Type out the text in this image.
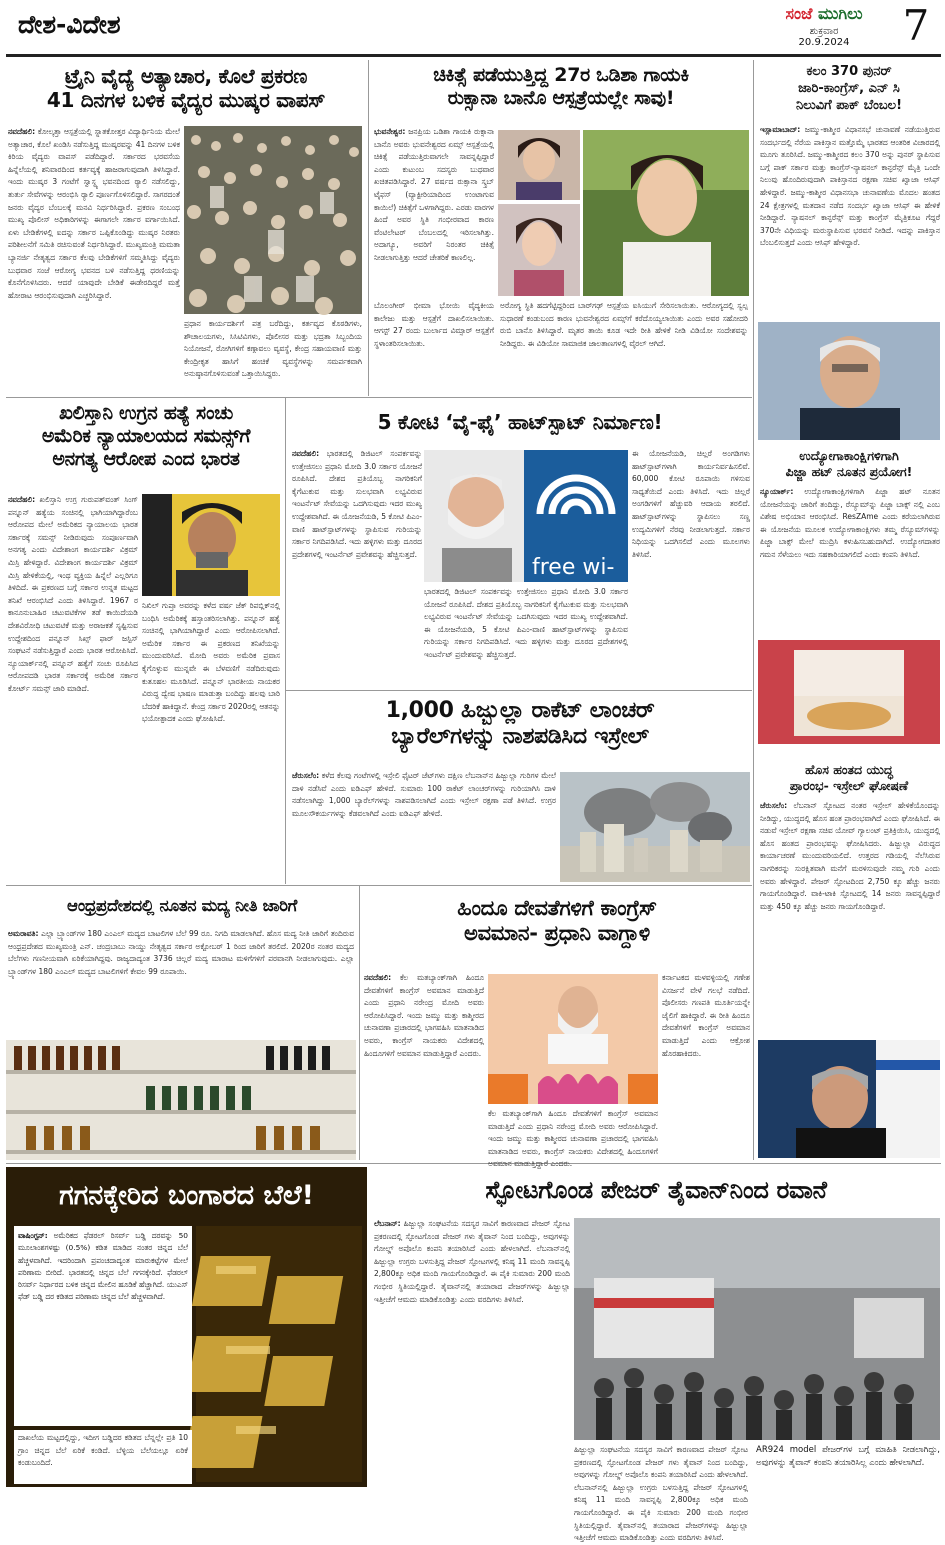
ದೇಶ-ವಿದೇಶ	ಸಂಜೆ ಮುಗಿಲು
ಶುಕ್ರವಾರ
20.9.2024	7
ಟ್ರೈನಿ ವೈದ್ಯೆ ಅತ್ಯಾಚಾರ, ಕೊಲೆ ಪ್ರಕರಣ
41 ದಿನಗಳ ಬಳಿಕ ವೈದ್ಯರ ಮುಷ್ಕರ ವಾಪಸ್
ನವದೆಹಲಿ: ಕೋಲ್ಕತ್ತಾ ಆಸ್ಪತ್ರೆಯಲ್ಲಿ ಸ್ನಾತಕೋತ್ತರ ವಿದ್ಯಾರ್ಥಿನಿಯ ಮೇಲೆ ಅತ್ಯಾಚಾರ, ಕೊಲೆ ಖಂಡಿಸಿ ನಡೆಸುತ್ತಿದ್ದ ಮುಷ್ಕರವನ್ನು 41 ದಿನಗಳ ಬಳಿಕ ಕಿರಿಯ ವೈದ್ಯರು ವಾಪಸ್ ಪಡೆದಿದ್ದಾರೆ. ಸರ್ಕಾರದ ಭರವಸೆಯ ಹಿನ್ನೆಲೆಯಲ್ಲಿ ಶನಿವಾರದಿಂದ ಕರ್ತವ್ಯಕ್ಕೆ ಹಾಜರಾಗುವುದಾಗಿ ತಿಳಿಸಿದ್ದಾರೆ. ಇಂದು ಮುಷ್ಕರ 3 ಗಂಟೆಗೆ ಸ್ವಾಸ್ಥ್ಯ ಭವನದಿಂದ ರ‍್ಯಾಲಿ ನಡೆಸಲಿದ್ದು, ತುರ್ತು ಸೇವೆಗಳನ್ನು ಆರಂಭಿಸಿ ರ‍್ಯಾಲಿ ಪೂರ್ಣಗೊಳಿಸಲಿದ್ದಾರೆ. ಸಾಗರದಂತೆ ಜನರು ವೈದ್ಯರ ಬೆಂಬಲಕ್ಕೆ ಮನವಿ ನಿರ್ಧರಿಸಿದ್ದಾರೆ. ಪ್ರಕರಣ ಸಂಬಂಧ ಮುಖ್ಯ ಪೊಲೀಸ್ ಅಧಿಕಾರಿಗಳನ್ನು ಈಗಾಗಲೇ ಸರ್ಕಾರ ವರ್ಗಾಯಿಸಿದೆ. ಏಳು ಬೇಡಿಕೆಗಳಲ್ಲಿ ಐದನ್ನು ಸರ್ಕಾರ ಒಪ್ಪಿಕೊಂಡಿದ್ದು ಮುಷ್ಕರ ನಿರತರು ಪರಿಶೀಲನೆಗೆ ಸಮಿತಿ ರಚಿಸುವಂತೆ ನಿರ್ಧರಿಸಿದ್ದಾರೆ. ಮುಖ್ಯಮಂತ್ರಿ ಮಮತಾ ಬ್ಯಾನರ್ಜಿ ನೇತೃತ್ವದ ಸರ್ಕಾರ ಕೆಲವು ಬೇಡಿಕೆಗಳಿಗೆ ಸಮ್ಮತಿಸಿದ್ದು ವೈದ್ಯರು ಬುಧವಾರ ಸಂಜೆ ಆರೋಗ್ಯ ಭವನದ ಬಳಿ ನಡೆಸುತ್ತಿದ್ದ ಧರಣಿಯನ್ನು ಕೊನೆಗೊಳಿಸಿದರು. ಆದರೆ ಯಾವುದೇ ಬೇಡಿಕೆ ಈಡೇರದಿದ್ದರೆ ಮತ್ತೆ ಹೋರಾಟ ಆರಂಭಿಸುವುದಾಗಿ ಎಚ್ಚರಿಸಿದ್ದಾರೆ.
ಪ್ರಧಾನ ಕಾರ್ಯದರ್ಶಿಗೆ ಪತ್ರ ಬರೆದಿದ್ದು, ಕರ್ತವ್ಯದ ಕೊಠಡಿಗಳು, ಶೌಚಾಲಯಗಳು, ಸಿಸಿಟಿವಿಗಳು, ಪೊಲೀಸರ ಮತ್ತು ಭದ್ರತಾ ಸಿಬ್ಬಂದಿಯ ನಿಯೋಜನೆ, ರೋಗಿಗಳಿಗೆ ಕಣ್ಗಾವಲು ವ್ಯವಸ್ಥೆ, ಕೇಂದ್ರ ಸಹಾಯವಾಣಿ ಮತ್ತು ಕೇಂದ್ರೀಕೃತ ಹಾಸಿಗೆ ಹಂಚಿಕೆ ವ್ಯವಸ್ಥೆಗಳನ್ನು ಸಮರ್ಪಕವಾಗಿ ಅನುಷ್ಠಾನಗೊಳಿಸುವಂತೆ ಒತ್ತಾಯಿಸಿದ್ದರು.
ಚಿಕಿತ್ಸೆ ಪಡೆಯುತ್ತಿದ್ದ 27ರ ಒಡಿಶಾ ಗಾಯಕಿ
ರುಕ್ಸಾನಾ ಬಾನೊ ಆಸ್ಪತ್ರೆಯಲ್ಲೇ ಸಾವು!
ಭುವನೇಶ್ವರ: ಜನಪ್ರಿಯ ಒಡಿಶಾ ಗಾಯಕಿ ರುಕ್ಸಾನಾ ಬಾನೊ ಅವರು ಭುವನೇಶ್ವರದ ಏಮ್ಸ್ ಆಸ್ಪತ್ರೆಯಲ್ಲಿ ಚಿಕಿತ್ಸೆ ಪಡೆಯುತ್ತಿರುವಾಗಲೇ ಸಾವನ್ನಪ್ಪಿದ್ದಾರೆ ಎಂದು ಕುಟುಂಬ ಸದಸ್ಯರು ಬುಧವಾರ ಖಚಿತಪಡಿಸಿದ್ದಾರೆ. 27 ವರ್ಷದ ರುಕ್ಸಾನಾ ಸ್ಕ್ರಬ್ ಟೈಫಸ್ (ವ್ಯಾಕ್ಟೀರಿಯಾದಿಂದ ಉಂಟಾಗುವ ಕಾಯಿಲೆ) ಚಿಕಿತ್ಸೆಗೆ ಒಳಗಾಗಿದ್ದರು. ಎರಡು ವಾರಗಳ ಹಿಂದೆ ಅವರ ಸ್ಥಿತಿ ಗಂಭೀರವಾದ ಕಾರಣ ವೆಂಟಿಲೇಟರ್ ಬೆಂಬಲದಲ್ಲಿ ಇರಿಸಲಾಗಿತ್ತು. ಅದಾಗ್ಯೂ, ಅವರಿಗೆ ನಿರಂತರ ಚಿಕಿತ್ಸೆ ನೀಡಲಾಗುತ್ತಿತ್ತು ಆದರೆ ಚೇತರಿಕೆ ಕಾಣಲಿಲ್ಲ.
ಬೊಲಂಗೀರ್ ಭೀಮಾ ಭೋಯಿ ವೈದ್ಯಕೀಯ ಕಾಲೇಜು ಮತ್ತು ಆಸ್ಪತ್ರೆಗೆ ದಾಖಲಿಸಲಾಯಿತು. ಆಗಸ್ಟ್ 27 ರಂದು ಬುರ್ಲಾದ ವಿಮ್ಸಾರ್ ಆಸ್ಪತ್ರೆಗೆ ಸ್ಥಳಾಂತರಿಸಲಾಯಿತು.
ಅರೋಗ್ಯ ಸ್ಥಿತಿ ಹದಗೆಟ್ಟಿದ್ದರಿಂದ ಬಾರ್‌ಗಢ್ ಆಸ್ಪತ್ರೆಯ ಐಸಿಯುಗೆ ಸೇರಿಸಲಾಯಿತು. ಆರೋಗ್ಯದಲ್ಲಿ ಸ್ವಲ್ಪ ಸುಧಾರಣೆ ಕಂಡುಬಂದ ಕಾರಣ ಭುವನೇಶ್ವರದ ಏಮ್ಸ್‌ಗೆ ಕರೆದೊಯ್ಯಲಾಯಿತು ಎಂದು ಅವರ ಸಹೋದರಿ ರುಬಿ ಬಾನೊ ತಿಳಿಸಿದ್ದಾರೆ. ಮೃತರ ತಾಯಿ ಕೂಡ ಇದೇ ರೀತಿ ಹೇಳಿಕೆ ನೀಡಿ ವಿಡಿಯೋ ಸಂದೇಶವನ್ನು ನೀಡಿದ್ದರು. ಈ ವಿಡಿಯೋ ಸಾಮಾಜಿಕ ಜಾಲತಾಣಗಳಲ್ಲಿ ವೈರಲ್ ಆಗಿದೆ.
ಕಲಂ 370 ಪುನರ್
ಜಾರಿ-ಕಾಂಗ್ರೆಸ್, ಎನ್ ಸಿ
ನಿಲುವಿಗೆ ಪಾಕ್ ಬೆಂಬಲ!
ಇಸ್ಲಾಮಾಬಾದ್: ಜಮ್ಮು-ಕಾಶ್ಮೀರ ವಿಧಾನಸಭೆ ಚುನಾವಣೆ ನಡೆಯುತ್ತಿರುವ ಸಂದರ್ಭದಲ್ಲಿ ನೆರೆಯ ಪಾಕಿಸ್ತಾನ ಮತ್ತೊಮ್ಮೆ ಭಾರತದ ಆಂತರಿಕ ವಿಚಾರದಲ್ಲಿ ಮೂಗು ತೂರಿಸಿದೆ. ಜಮ್ಮು-ಕಾಶ್ಮೀರದ ಕಲಂ 370 ಅನ್ನು ಪುನರ್ ಸ್ಥಾಪಿಸುವ ಬಗ್ಗೆ ಪಾಕ್ ಸರ್ಕಾರ ಮತ್ತು ಕಾಂಗ್ರೆಸ್-ನ್ಯಾಷನಲ್ ಕಾನ್ಫರೆನ್ಸ್ ಮೈತ್ರಿ ಒಂದೇ ನಿಲುವು ಹೊಂದಿರುವುದಾಗಿ ಪಾಕಿಸ್ತಾನದ ರಕ್ಷಣಾ ಸಚಿವ ಖ್ವಾಜಾ ಆಸಿಫ್ ಹೇಳಿದ್ದಾರೆ. ಜಮ್ಮು-ಕಾಶ್ಮೀರ ವಿಧಾನಸಭಾ ಚುನಾವಣೆಯ ಮೊದಲ ಹಂತದ 24 ಕ್ಷೇತ್ರಗಳಲ್ಲಿ ಮತದಾನ ನಡೆದ ಸಂದರ್ಭ ಖ್ವಾಜಾ ಆಸಿಫ್ ಈ ಹೇಳಿಕೆ ನೀಡಿದ್ದಾರೆ. ನ್ಯಾಷನಲ್ ಕಾನ್ಫರೆನ್ಸ್ ಮತ್ತು ಕಾಂಗ್ರೆಸ್ ಮೈತ್ರಿಕೂಟ ಗೆದ್ದರೆ 370ನೇ ವಿಧಿಯನ್ನು ಮರುಸ್ಥಾಪಿಸುವ ಭರವಸೆ ನೀಡಿದೆ. ಇದನ್ನು ಪಾಕಿಸ್ತಾನ ಬೆಂಬಲಿಸುತ್ತದೆ ಎಂದು ಆಸಿಫ್ ಹೇಳಿದ್ದಾರೆ.
ಖಲಿಸ್ತಾನಿ ಉಗ್ರನ ಹತ್ಯೆ ಸಂಚು
ಅಮೆರಿಕ ನ್ಯಾಯಾಲಯದ ಸಮನ್ಸ್‌ಗೆ
ಅನಗತ್ಯ ಆರೋಪ ಎಂದ ಭಾರತ
ನವದೆಹಲಿ: ಖಲಿಸ್ತಾನಿ ಉಗ್ರ ಗುರುಪತ್‌ವಂತ್ ಸಿಂಗ್ ಪನ್ನೂನ್ ಹತ್ಯೆಯ ಸಂಚಿನಲ್ಲಿ ಭಾಗಿಯಾಗಿದ್ದಾರೆಂಬ ಆರೋಪದ ಮೇಲೆ ಅಮೆರಿಕದ ನ್ಯಾಯಾಲಯ ಭಾರತ ಸರ್ಕಾರಕ್ಕೆ ಸಮನ್ಸ್ ನೀಡಿರುವುದು ಸಂಪೂರ್ಣವಾಗಿ ಅನಗತ್ಯ ಎಂದು ವಿದೇಶಾಂಗ ಕಾರ್ಯದರ್ಶಿ ವಿಕ್ರಮ್ ಮಿಸ್ರಿ ಹೇಳಿದ್ದಾರೆ. ವಿದೇಶಾಂಗ ಕಾರ್ಯದರ್ಶಿ ವಿಕ್ರಮ್ ಮಿಸ್ರಿ ಹೇಳಿಕೆಯಲ್ಲಿ, ಇಂಥ ವ್ಯಕ್ತಿಯ ಹಿನ್ನೆಲೆ ಎಲ್ಲರಿಗೂ ತಿಳಿದಿದೆ. ಈ ಪ್ರಕರಣದ ಬಗ್ಗೆ ಸರ್ಕಾರ ಉನ್ನತ ಮಟ್ಟದ ತನಿಖೆ ಆರಂಭಿಸಿದೆ ಎಂದು ತಿಳಿಸಿದ್ದಾರೆ. 1967 ರ ಕಾನೂನುಬಾಹಿರ ಚಟುವಟಿಕೆಗಳ ತಡೆ ಕಾಯಿದೆಯಡಿ ದೇಶವಿರೋಧಿ ಚಟುವಟಿಕೆ ಮತ್ತು ಅರಾಜಕತೆ ಸೃಷ್ಟಿಸುವ ಉದ್ದೇಶದಿಂದ ಪನ್ನೂನ್ ಸಿಖ್ಸ್ ಫಾರ್ ಜಸ್ಟಿಸ್ ಸಂಘಟನೆ ನಡೆಸುತ್ತಿದ್ದಾರೆ ಎಂದು ಭಾರತ ಆರೋಪಿಸಿದೆ. ನ್ಯೂಯಾರ್ಕ್‌ನಲ್ಲಿ ಪನ್ನೂನ್ ಹತ್ಯೆಗೆ ಸಂಚು ರೂಪಿಸಿದ ಆರೋಪದಡಿ ಭಾರತ ಸರ್ಕಾರಕ್ಕೆ ಅಮೆರಿಕ ಸರ್ಕಾರ ಕೋರ್ಟ್ ಸಮನ್ಸ್ ಜಾರಿ ಮಾಡಿದೆ.
ನಿಖಿಲ್ ಗುಪ್ತಾ ಅವರನ್ನು ಕಳೆದ ವರ್ಷ ಜೆಕ್ ರಿಪಬ್ಲಿಕ್‌ನಲ್ಲಿ ಬಂಧಿಸಿ ಅಮೆರಿಕಕ್ಕೆ ಹಸ್ತಾಂತರಿಸಲಾಗಿತ್ತು. ಪನ್ನೂನ್ ಹತ್ಯೆ ಸಂಚಿನಲ್ಲಿ ಭಾಗಿಯಾಗಿದ್ದಾರೆ ಎಂದು ಆರೋಪಿಸಲಾಗಿದೆ. ಅಮೆರಿಕ ಸರ್ಕಾರ ಈ ಪ್ರಕರಣದ ತನಿಖೆಯನ್ನು ಮುಂದುವರಿಸಿದೆ. ಮೋದಿ ಅವರು ಅಮೆರಿಕ ಪ್ರವಾಸ ಕೈಗೊಳ್ಳುವ ಮುನ್ನವೇ ಈ ಬೆಳವಣಿಗೆ ನಡೆದಿರುವುದು ಕುತೂಹಲ ಮೂಡಿಸಿದೆ. ಪನ್ನೂನ್ ಭಾರತೀಯ ನಾಯಕರ ವಿರುದ್ಧ ದ್ವೇಷ ಭಾಷಣ ಮಾಡುತ್ತಾ ಬಂದಿದ್ದು ಹಲವು ಬಾರಿ ಬೆದರಿಕೆ ಹಾಕಿದ್ದಾನೆ. ಕೇಂದ್ರ ಸರ್ಕಾರ 2020ರಲ್ಲಿ ಆತನನ್ನು ಭಯೋತ್ಪಾದಕ ಎಂದು ಘೋಷಿಸಿದೆ.
5 ಕೋಟಿ ‘ವೈ-ಫೈ’ ಹಾಟ್‌ಸ್ಪಾಟ್ ನಿರ್ಮಾಣ!
ನವದೆಹಲಿ: ಭಾರತದಲ್ಲಿ ಡಿಜಿಟಲ್ ಸಂಪರ್ಕವನ್ನು ಉತ್ತೇಜಿಸಲು ಪ್ರಧಾನಿ ಮೋದಿ 3.0 ಸರ್ಕಾರ ಯೋಜನೆ ರೂಪಿಸಿದೆ. ದೇಶದ ಪ್ರತಿಯೊಬ್ಬ ನಾಗರಿಕನಿಗೆ ಕೈಗೆಟುಕುವ ಮತ್ತು ಸುಲಭವಾಗಿ ಲಭ್ಯವಿರುವ ಇಂಟರ್ನೆಟ್ ಸೇವೆಯನ್ನು ಒದಗಿಸುವುದು ಇದರ ಮುಖ್ಯ ಉದ್ದೇಶವಾಗಿದೆ. ಈ ಯೋಜನೆಯಡಿ, 5 ಕೋಟಿ ಪಿಎಂ-ವಾಣಿ ಹಾಟ್‌ಸ್ಪಾಟ್‌ಗಳನ್ನು ಸ್ಥಾಪಿಸುವ ಗುರಿಯನ್ನು ಸರ್ಕಾರ ನಿಗದಿಪಡಿಸಿದೆ. ಇದು ಹಳ್ಳಿಗಳು ಮತ್ತು ದೂರದ ಪ್ರದೇಶಗಳಲ್ಲಿ ಇಂಟರ್ನೆಟ್ ಪ್ರವೇಶವನ್ನು ಹೆಚ್ಚಿಸುತ್ತದೆ.
free wi-
ಭಾರತದಲ್ಲಿ ಡಿಜಿಟಲ್ ಸಂಪರ್ಕವನ್ನು ಉತ್ತೇಜಿಸಲು ಪ್ರಧಾನಿ ಮೋದಿ 3.0 ಸರ್ಕಾರ ಯೋಜನೆ ರೂಪಿಸಿದೆ. ದೇಶದ ಪ್ರತಿಯೊಬ್ಬ ನಾಗರಿಕನಿಗೆ ಕೈಗೆಟುಕುವ ಮತ್ತು ಸುಲಭವಾಗಿ ಲಭ್ಯವಿರುವ ಇಂಟರ್ನೆಟ್ ಸೇವೆಯನ್ನು ಒದಗಿಸುವುದು ಇದರ ಮುಖ್ಯ ಉದ್ದೇಶವಾಗಿದೆ. ಈ ಯೋಜನೆಯಡಿ, 5 ಕೋಟಿ ಪಿಎಂ-ವಾಣಿ ಹಾಟ್‌ಸ್ಪಾಟ್‌ಗಳನ್ನು ಸ್ಥಾಪಿಸುವ ಗುರಿಯನ್ನು ಸರ್ಕಾರ ನಿಗದಿಪಡಿಸಿದೆ. ಇದು ಹಳ್ಳಿಗಳು ಮತ್ತು ದೂರದ ಪ್ರದೇಶಗಳಲ್ಲಿ ಇಂಟರ್ನೆಟ್ ಪ್ರವೇಶವನ್ನು ಹೆಚ್ಚಿಸುತ್ತದೆ.
ಈ ಯೋಜನೆಯಡಿ, ಚಿಲ್ಲರೆ ಅಂಗಡಿಗಳು ಹಾಟ್‌ಸ್ಪಾಟ್‌ಗಳಾಗಿ ಕಾರ್ಯನಿರ್ವಹಿಸಲಿವೆ. 60,000 ಕೋಟಿ ರೂಪಾಯಿ ಗಳಿಸುವ ಸಾಧ್ಯತೆಯಿದೆ ಎಂದು ತಿಳಿಸಿದೆ. ಇದು ಚಿಲ್ಲರೆ ಅಂಗಡಿಗಳಿಗೆ ಹೆಚ್ಚುವರಿ ಆದಾಯ ತರಲಿದೆ. ಹಾಟ್‌ಸ್ಪಾಟ್‌ಗಳನ್ನು ಸ್ಥಾಪಿಸಲು ಸಣ್ಣ ಉದ್ಯಮಿಗಳಿಗೆ ನೆರವು ನೀಡಲಾಗುತ್ತದೆ. ಸರ್ಕಾರ ನಿಧಿಯನ್ನು ಒದಗಿಸಲಿದೆ ಎಂದು ಮೂಲಗಳು ತಿಳಿಸಿವೆ.
1,000 ಹಿಜ್ಬುಲ್ಲಾ ರಾಕೆಟ್ ಲಾಂಚರ್
ಬ್ಯಾರೆಲ್‌ಗಳನ್ನು ನಾಶಪಡಿಸಿದ ಇಸ್ರೇಲ್
ಜೆರುಸಲೆಂ: ಕಳೆದ ಕೆಲವು ಗಂಟೆಗಳಲ್ಲಿ ಇಸ್ರೇಲಿ ಫೈಟರ್ ಜೆಟ್‌ಗಳು ದಕ್ಷಿಣ ಲೆಬನಾನ್‌ನ ಹಿಜ್ಬುಲ್ಲಾ ಗುರಿಗಳ ಮೇಲೆ ದಾಳಿ ನಡೆಸಿವೆ ಎಂದು ಐಡಿಎಫ್ ಹೇಳಿದೆ. ಸುಮಾರು 100 ರಾಕೆಟ್ ಲಾಂಚರ್‌ಗಳನ್ನು ಗುರಿಯಾಗಿಸಿ ದಾಳಿ ನಡೆಸಲಾಗಿದ್ದು 1,000 ಬ್ಯಾರೆಲ್‌ಗಳನ್ನು ನಾಶಪಡಿಸಲಾಗಿದೆ ಎಂದು ಇಸ್ರೇಲ್ ರಕ್ಷಣಾ ಪಡೆ ತಿಳಿಸಿದೆ. ಉಗ್ರರ ಮೂಲಸೌಕರ್ಯಗಳನ್ನು ಕೆಡವಲಾಗಿದೆ ಎಂದು ಐಡಿಎಫ್ ಹೇಳಿದೆ.
ಉದ್ಯೋಗಾಕಾಂಕ್ಷಿಗಳಿಗಾಗಿ
ಪಿಜ್ಜಾ ಹಟ್ ನೂತನ ಪ್ರಯೋಗ!
ನ್ಯೂಯಾರ್ಕ್: ಉದ್ಯೋಗಾಕಾಂಕ್ಷಿಗಳಿಗಾಗಿ ಪಿಜ್ಜಾ ಹಟ್ ನೂತನ ಯೋಜನೆಯನ್ನು ಜಾರಿಗೆ ತಂದಿದ್ದು, ರೆಸ್ಯೂಮ್‌ನ್ನು ಪಿಜ್ಜಾ ಬಾಕ್ಸ್ ನಲ್ಲಿ ಎಂಬ ವಿಶೇಷ ಅಭಿಯಾನ ಆರಂಭಿಸಿದೆ. ResZAme ಎಂದು ಕರೆಯಲಾಗಿರುವ ಈ ಯೋಜನೆಯ ಮೂಲಕ ಉದ್ಯೋಗಾಕಾಂಕ್ಷಿಗಳು ತಮ್ಮ ರೆಸ್ಯೂಮ್‌ಗಳನ್ನು ಪಿಜ್ಜಾ ಬಾಕ್ಸ್ ಮೇಲೆ ಮುದ್ರಿಸಿ ಕಳುಹಿಸಬಹುದಾಗಿದೆ. ಉದ್ಯೋಗದಾತರ ಗಮನ ಸೆಳೆಯಲು ಇದು ಸಹಕಾರಿಯಾಗಲಿದೆ ಎಂದು ಕಂಪನಿ ತಿಳಿಸಿದೆ.
ಹೊಸ ಹಂತದ ಯುದ್ಧ
ಪ್ರಾರಂಭ- ಇಸ್ರೇಲ್ ಘೋಷಣೆ
ಜೆರುಸಲೆಂ: ಲೆಬನಾನ್ ಸ್ಫೋಟದ ನಂತರ ಇಸ್ರೇಲ್ ಹೇಳಿಕೆಯೊಂದನ್ನು ನೀಡಿದ್ದು, ಯುದ್ಧದಲ್ಲಿ ಹೊಸ ಹಂತ ಪ್ರಾರಂಭವಾಗಿದೆ ಎಂದು ಘೋಷಿಸಿದೆ. ಈ ನಡುವೆ ಇಸ್ರೇಲ್ ರಕ್ಷಣಾ ಸಚಿವ ಯೋವ್ ಗ್ಯಾಲಂಟ್ ಪ್ರತಿಕ್ರಿಯಿಸಿ, ಯುದ್ಧದಲ್ಲಿ ಹೊಸ ಹಂತದ ಪ್ರಾರಂಭವನ್ನು ಘೋಷಿಸಿದರು. ಹಿಜ್ಬುಲ್ಲಾ ವಿರುದ್ಧದ ಕಾರ್ಯಾಚರಣೆ ಮುಂದುವರಿಯಲಿದೆ. ಉತ್ತರದ ಗಡಿಯಲ್ಲಿ ನೆಲೆಸಿರುವ ನಾಗರಿಕರನ್ನು ಸುರಕ್ಷಿತವಾಗಿ ಮನೆಗೆ ಮರಳಿಸುವುದೇ ನಮ್ಮ ಗುರಿ ಎಂದು ಅವರು ಹೇಳಿದ್ದಾರೆ. ಪೇಜರ್ ಸ್ಫೋಟದಿಂದ 2,750 ಕ್ಕೂ ಹೆಚ್ಚು ಜನರು ಗಾಯಗೊಂಡಿದ್ದಾರೆ. ವಾಕಿ-ಟಾಕಿ ಸ್ಫೋಟದಲ್ಲಿ 14 ಜನರು ಸಾವನ್ನಪ್ಪಿದ್ದಾರೆ ಮತ್ತು 450 ಕ್ಕೂ ಹೆಚ್ಚು ಜನರು ಗಾಯಗೊಂಡಿದ್ದಾರೆ.
ಆಂಧ್ರಪ್ರದೇಶದಲ್ಲಿ ನೂತನ ಮದ್ಯ ನೀತಿ ಜಾರಿಗೆ
ಅಮರಾವತಿ: ಎಲ್ಲಾ ಬ್ರ್ಯಾಂಡ್‌ಗಳ 180 ಎಂಎಲ್ ಮದ್ಯದ ಬಾಟಲಿಗಳ ಬೆಲೆ 99 ರೂ. ನಿಗದಿ ಮಾಡಲಾಗಿದೆ. ಹೊಸ ಮದ್ಯ ನೀತಿ ಜಾರಿಗೆ ತಂದಿರುವ ಆಂಧ್ರಪ್ರದೇಶದ ಮುಖ್ಯಮಂತ್ರಿ ಎನ್. ಚಂದ್ರಬಾಬು ನಾಯ್ಡು ನೇತೃತ್ವದ ಸರ್ಕಾರ ಅಕ್ಟೋಬರ್ 1 ರಿಂದ ಜಾರಿಗೆ ತರಲಿದೆ. 2020ರ ನಂತರ ಮದ್ಯದ ಬೆಲೆಗಳು ಗಣನೀಯವಾಗಿ ಏರಿಕೆಯಾಗಿದ್ದವು. ರಾಜ್ಯದಾದ್ಯಂತ 3736 ಚಿಲ್ಲರೆ ಮದ್ಯ ಮಾರಾಟ ಮಳಿಗೆಗಳಿಗೆ ಪರವಾನಗಿ ನೀಡಲಾಗುವುದು. ಎಲ್ಲಾ ಬ್ರ್ಯಾಂಡ್‌ಗಳ 180 ಎಂಎಲ್ ಮದ್ಯದ ಬಾಟಲಿಗಳಿಗೆ ಕೇವಲ 99 ರೂಪಾಯಿ.
ಹಿಂದೂ ದೇವತೆಗಳಿಗೆ ಕಾಂಗ್ರೆಸ್
ಅವಮಾನ- ಪ್ರಧಾನಿ ವಾಗ್ದಾಳಿ
ನವದೆಹಲಿ: ಕೆಲ ಮತಬ್ಯಾಂಕ್‌ಗಾಗಿ ಹಿಂದೂ ದೇವತೆಗಳಿಗೆ ಕಾಂಗ್ರೆಸ್ ಅವಮಾನ ಮಾಡುತ್ತಿದೆ ಎಂದು ಪ್ರಧಾನಿ ನರೇಂದ್ರ ಮೋದಿ ಅವರು ಆರೋಪಿಸಿದ್ದಾರೆ. ಇಂದು ಜಮ್ಮು ಮತ್ತು ಕಾಶ್ಮೀರದ ಚುನಾವಣಾ ಪ್ರಚಾರದಲ್ಲಿ ಭಾಗವಹಿಸಿ ಮಾತನಾಡಿದ ಅವರು, ಕಾಂಗ್ರೆಸ್ ನಾಯಕರು ವಿದೇಶದಲ್ಲಿ ಹಿಂದೂಗಳಿಗೆ ಅವಮಾನ ಮಾಡುತ್ತಿದ್ದಾರೆ ಎಂದರು.
ಕೆಲ ಮತಬ್ಯಾಂಕ್‌ಗಾಗಿ ಹಿಂದೂ ದೇವತೆಗಳಿಗೆ ಕಾಂಗ್ರೆಸ್ ಅವಮಾನ ಮಾಡುತ್ತಿದೆ ಎಂದು ಪ್ರಧಾನಿ ನರೇಂದ್ರ ಮೋದಿ ಅವರು ಆರೋಪಿಸಿದ್ದಾರೆ. ಇಂದು ಜಮ್ಮು ಮತ್ತು ಕಾಶ್ಮೀರದ ಚುನಾವಣಾ ಪ್ರಚಾರದಲ್ಲಿ ಭಾಗವಹಿಸಿ ಮಾತನಾಡಿದ ಅವರು, ಕಾಂಗ್ರೆಸ್ ನಾಯಕರು ವಿದೇಶದಲ್ಲಿ ಹಿಂದೂಗಳಿಗೆ ಅವಮಾನ ಮಾಡುತ್ತಿದ್ದಾರೆ ಎಂದರು.
ಕರ್ನಾಟಕದ ಮಳವಳ್ಳಿಯಲ್ಲಿ ಗಣೇಶ ವಿಸರ್ಜನೆ ವೇಳೆ ಗಲಭೆ ನಡೆದಿದೆ. ಪೊಲೀಸರು ಗಣಪತಿ ಮೂರ್ತಿಯನ್ನೇ ಜೈಲಿಗೆ ಹಾಕಿದ್ದಾರೆ. ಈ ರೀತಿ ಹಿಂದೂ ದೇವತೆಗಳಿಗೆ ಕಾಂಗ್ರೆಸ್ ಅವಮಾನ ಮಾಡುತ್ತಿದೆ ಎಂದು ಆಕ್ರೋಶ ಹೊರಹಾಕಿದರು.
ಗಗನಕ್ಕೇರಿದ ಬಂಗಾರದ ಬೆಲೆ!
ವಾಷಿಂಗ್ಟನ್: ಅಮೆರಿಕದ ಫೆಡರಲ್ ರಿಸರ್ವ್ ಬಡ್ಡಿ ದರವನ್ನು 50 ಮೂಲಾಂಶಗಳಷ್ಟು (0.5%) ಕಡಿತ ಮಾಡಿದ ನಂತರ ಚಿನ್ನದ ಬೆಲೆ ಹೆಚ್ಚಳವಾಗಿದೆ. ಇದರಿಂದಾಗಿ ಪ್ರಪಂಚದಾದ್ಯಂತ ಮಾರುಕಟ್ಟೆಗಳ ಮೇಲೆ ಪರಿಣಾಮ ಬೀರಿದೆ. ಭಾರತದಲ್ಲಿ ಚಿನ್ನದ ಬೆಲೆ ಗಗನಕ್ಕೇರಿದೆ. ಫೆಡರಲ್ ರಿಸರ್ವ್ ನಿರ್ಧಾರದ ಬಳಿಕ ಚಿನ್ನದ ಮೇಲಿನ ಹೂಡಿಕೆ ಹೆಚ್ಚಾಗಿದೆ. ಯುಎಸ್ ಫೆಡ್ ಬಡ್ಡಿ ದರ ಕಡಿತದ ಪರಿಣಾಮ ಚಿನ್ನದ ಬೆಲೆ ಹೆಚ್ಚಳವಾಗಿದೆ.
ದಾಖಲೆಯ ಮಟ್ಟದಲ್ಲಿದ್ದು, ಇದೀಗ ಬಡ್ಡಿದರ ಕಡಿತದ ಬೆನ್ನಲ್ಲೇ ಪ್ರತಿ 10 ಗ್ರಾಂ ಚಿನ್ನದ ಬೆಲೆ ಏರಿಕೆ ಕಂಡಿದೆ. ಬೆಳ್ಳಿಯ ಬೆಲೆಯಲ್ಲೂ ಏರಿಕೆ ಕಂಡುಬಂದಿದೆ.
ಸ್ಫೋಟಗೊಂಡ ಪೇಜರ್ ತೈವಾನ್‌ನಿಂದ ರವಾನೆ
ಲೆಬನಾನ್: ಹಿಜ್ಬುಲ್ಲಾ ಸಂಘಟನೆಯ ಸದಸ್ಯರ ಸಾವಿಗೆ ಕಾರಣವಾದ ಪೇಜರ್ ಸ್ಫೋಟ ಪ್ರಕರಣದಲ್ಲಿ ಸ್ಫೋಟಗೊಂಡ ಪೇಜರ್ ಗಳು ತೈವಾನ್ ನಿಂದ ಬಂದಿದ್ದು, ಅವುಗಳನ್ನು ಗೋಲ್ಡ್ ಅಪೊಲೊ ಕಂಪನಿ ತಯಾರಿಸಿದೆ ಎಂದು ಹೇಳಲಾಗಿದೆ. ಲೆಬನಾನ್‌ನಲ್ಲಿ ಹಿಜ್ಬುಲ್ಲಾ ಉಗ್ರರು ಬಳಸುತ್ತಿದ್ದ ಪೇಜರ್ ಸ್ಫೋಟಗಳಲ್ಲಿ ಕನಿಷ್ಠ 11 ಮಂದಿ ಸಾವನ್ನಪ್ಪಿ 2,800ಕ್ಕೂ ಅಧಿಕ ಮಂದಿ ಗಾಯಗೊಂಡಿದ್ದಾರೆ. ಈ ಪೈಕಿ ಸುಮಾರು 200 ಮಂದಿ ಗಂಭೀರ ಸ್ಥಿತಿಯಲ್ಲಿದ್ದಾರೆ. ತೈವಾನ್‌ನಲ್ಲಿ ತಯಾರಾದ ಪೇಜರ್‌ಗಳನ್ನು ಹಿಜ್ಬುಲ್ಲಾ ಇತ್ತೀಚೆಗೆ ಆಮದು ಮಾಡಿಕೊಂಡಿತ್ತು ಎಂದು ವರದಿಗಳು ತಿಳಿಸಿವೆ.
ಹಿಜ್ಬುಲ್ಲಾ ಸಂಘಟನೆಯ ಸದಸ್ಯರ ಸಾವಿಗೆ ಕಾರಣವಾದ ಪೇಜರ್ ಸ್ಫೋಟ ಪ್ರಕರಣದಲ್ಲಿ ಸ್ಫೋಟಗೊಂಡ ಪೇಜರ್ ಗಳು ತೈವಾನ್ ನಿಂದ ಬಂದಿದ್ದು, ಅವುಗಳನ್ನು ಗೋಲ್ಡ್ ಅಪೊಲೊ ಕಂಪನಿ ತಯಾರಿಸಿದೆ ಎಂದು ಹೇಳಲಾಗಿದೆ. ಲೆಬನಾನ್‌ನಲ್ಲಿ ಹಿಜ್ಬುಲ್ಲಾ ಉಗ್ರರು ಬಳಸುತ್ತಿದ್ದ ಪೇಜರ್ ಸ್ಫೋಟಗಳಲ್ಲಿ ಕನಿಷ್ಠ 11 ಮಂದಿ ಸಾವನ್ನಪ್ಪಿ 2,800ಕ್ಕೂ ಅಧಿಕ ಮಂದಿ ಗಾಯಗೊಂಡಿದ್ದಾರೆ. ಈ ಪೈಕಿ ಸುಮಾರು 200 ಮಂದಿ ಗಂಭೀರ ಸ್ಥಿತಿಯಲ್ಲಿದ್ದಾರೆ. ತೈವಾನ್‌ನಲ್ಲಿ ತಯಾರಾದ ಪೇಜರ್‌ಗಳನ್ನು ಹಿಜ್ಬುಲ್ಲಾ ಇತ್ತೀಚೆಗೆ ಆಮದು ಮಾಡಿಕೊಂಡಿತ್ತು ಎಂದು ವರದಿಗಳು ತಿಳಿಸಿವೆ.
AR924 model ಪೇಜರ್‌ಗಳ ಬಗ್ಗೆ ಮಾಹಿತಿ ನೀಡಲಾಗಿದ್ದು, ಅವುಗಳನ್ನು ತೈವಾನ್ ಕಂಪನಿ ತಯಾರಿಸಿಲ್ಲ ಎಂದು ಹೇಳಲಾಗಿದೆ.
